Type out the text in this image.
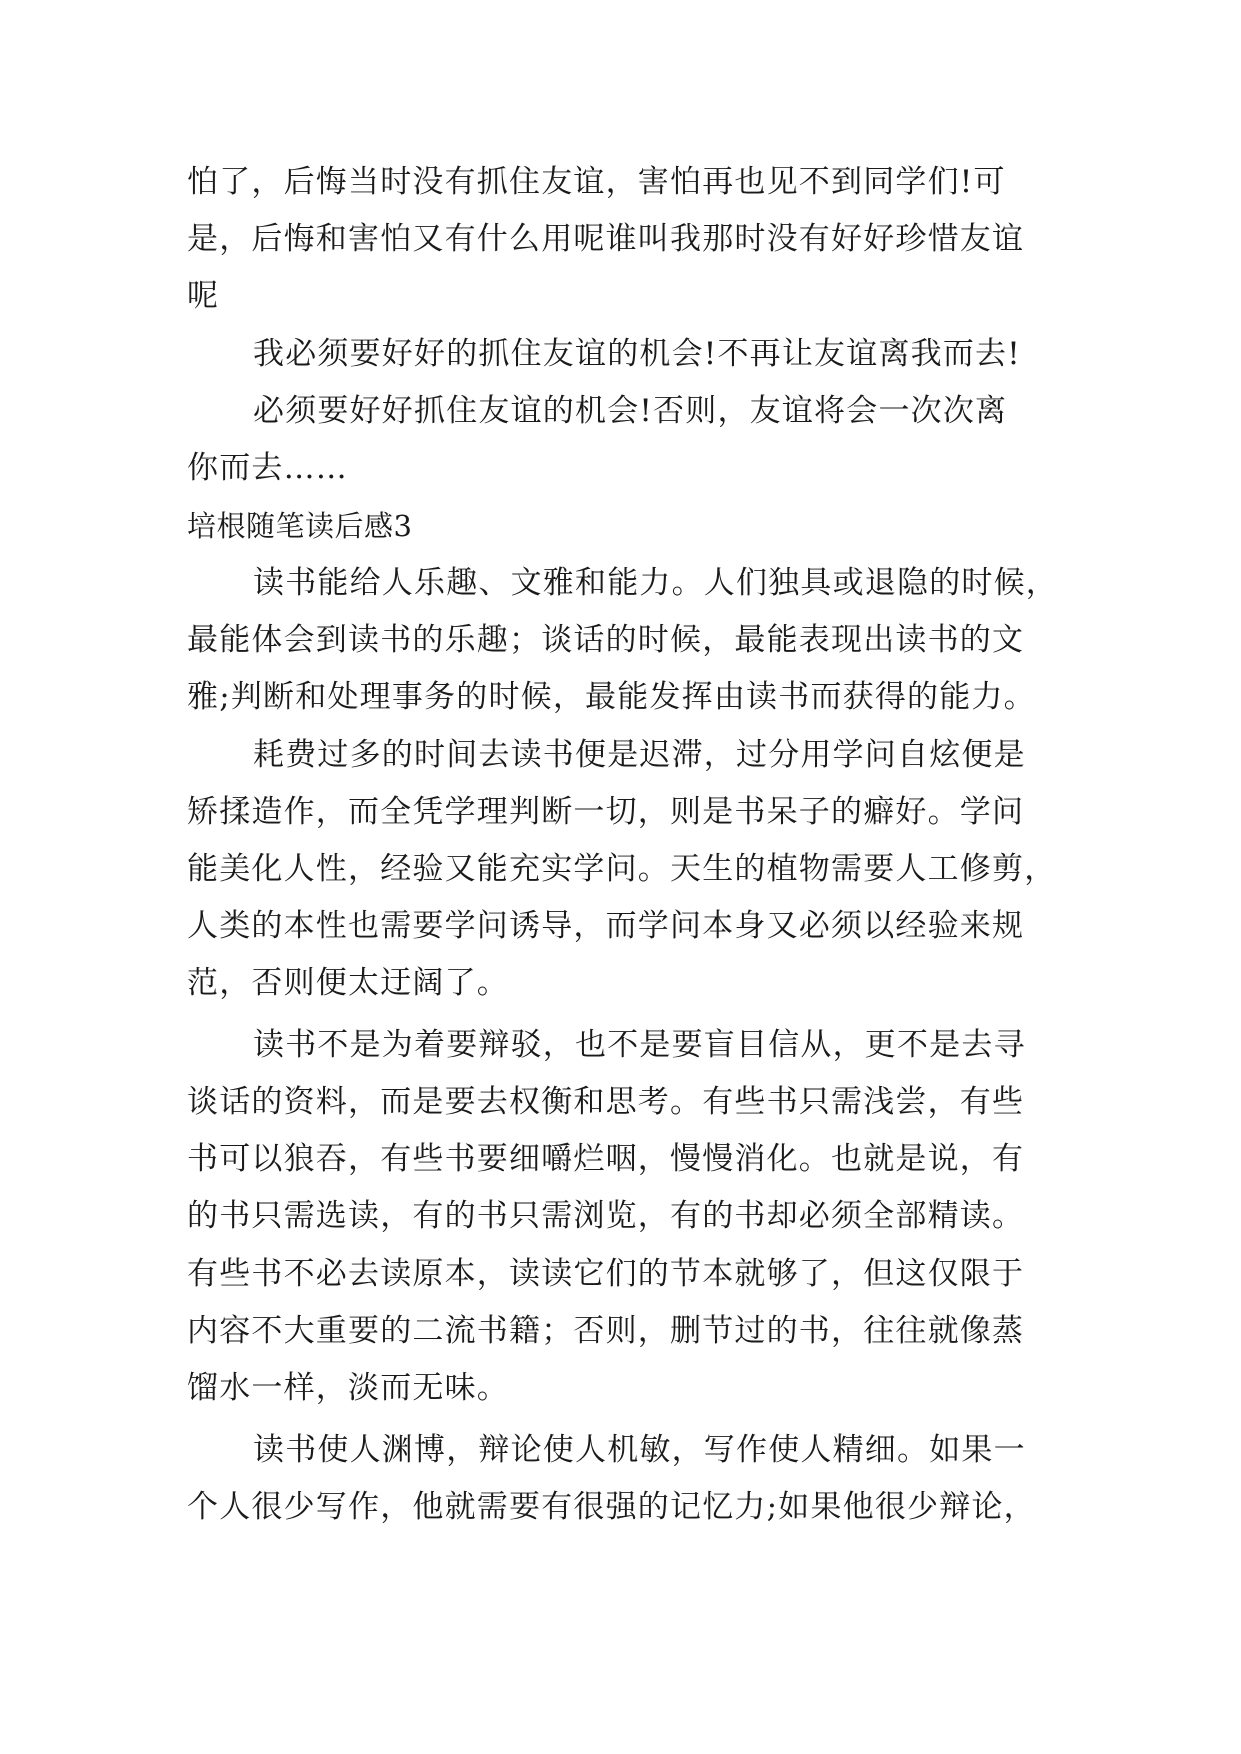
怕了，后悔当时没有抓住友谊，害怕再也见不到同学们!可
是，后悔和害怕又有什么用呢谁叫我那时没有好好珍惜友谊
呢
我必须要好好的抓住友谊的机会!不再让友谊离我而去!
必须要好好抓住友谊的机会!否则，友谊将会一次次离
你而去……
培根随笔读后感3
读书能给人乐趣、文雅和能力。人们独具或退隐的时候，
最能体会到读书的乐趣；谈话的时候，最能表现出读书的文
雅;判断和处理事务的时候，最能发挥由读书而获得的能力。
耗费过多的时间去读书便是迟滞，过分用学问自炫便是
矫揉造作，而全凭学理判断一切，则是书呆子的癖好。学问
能美化人性，经验又能充实学问。天生的植物需要人工修剪，
人类的本性也需要学问诱导，而学问本身又必须以经验来规
范，否则便太迂阔了。
读书不是为着要辩驳，也不是要盲目信从，更不是去寻
谈话的资料，而是要去权衡和思考。有些书只需浅尝，有些
书可以狼吞，有些书要细嚼烂咽，慢慢消化。也就是说，有
的书只需选读，有的书只需浏览，有的书却必须全部精读。
有些书不必去读原本，读读它们的节本就够了，但这仅限于
内容不大重要的二流书籍；否则，删节过的书，往往就像蒸
馏水一样，淡而无味。
读书使人渊博，辩论使人机敏，写作使人精细。如果一
个人很少写作，他就需要有很强的记忆力;如果他很少辩论，
